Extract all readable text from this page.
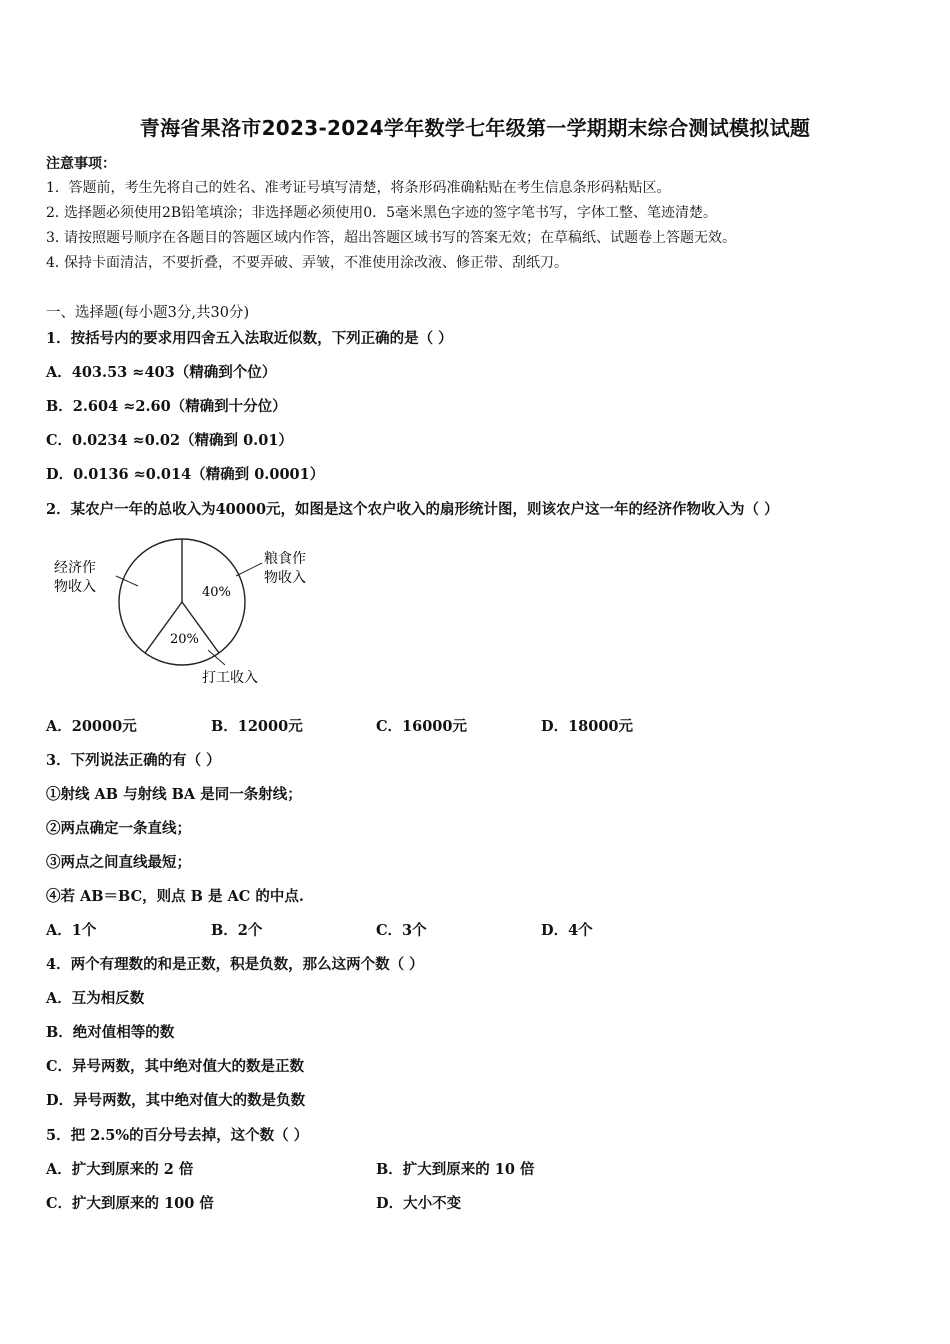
青海省果洛市2023-2024学年数学七年级第一学期期末综合测试模拟试题
注意事项：
1． 答题前，考生先将自己的姓名、准考证号填写清楚，将条形码准确粘贴在考生信息条形码粘贴区。
2．选择题必须使用2B铅笔填涂；非选择题必须使用0．5毫米黑色字迹的签字笔书写，字体工整、笔迹清楚。
3．请按照题号顺序在各题目的答题区域内作答，超出答题区域书写的答案无效；在草稿纸、试题卷上答题无效。
4．保持卡面清洁，不要折叠，不要弄破、弄皱，不准使用涂改液、修正带、刮纸刀。
一、选择题(每小题3分,共30分)
1．按括号内的要求用四舍五入法取近似数，下列正确的是（ ）
A．403.53 ≈403（精确到个位）
B．2.604 ≈2.60（精确到十分位）
C．0.0234 ≈0.02（精确到 0.01）
D．0.0136 ≈0.014（精确到 0.0001）
2．某农户一年的总收入为40000元，如图是这个农户收入的扇形统计图，则该农户这一年的经济作物收入为（ ）
40%
20%
粮食作
物收入
打工收入
经济作
物收入
A．20000元	B．12000元	C．16000元	D．18000元
3．下列说法正确的有（ ）
①射线 AB 与射线 BA 是同一条射线；
②两点确定一条直线；
③两点之间直线最短；
④若 AB＝BC，则点 B 是 AC 的中点.
A．1个	B．2个	C．3个	D．4个
4．两个有理数的和是正数，积是负数，那么这两个数（ ）
A．互为相反数
B．绝对值相等的数
C．异号两数，其中绝对值大的数是正数
D．异号两数，其中绝对值大的数是负数
5．把 2.5%的百分号去掉，这个数（ ）
A．扩大到原来的 2 倍	B．扩大到原来的 10 倍
C．扩大到原来的 100 倍	D．大小不变
